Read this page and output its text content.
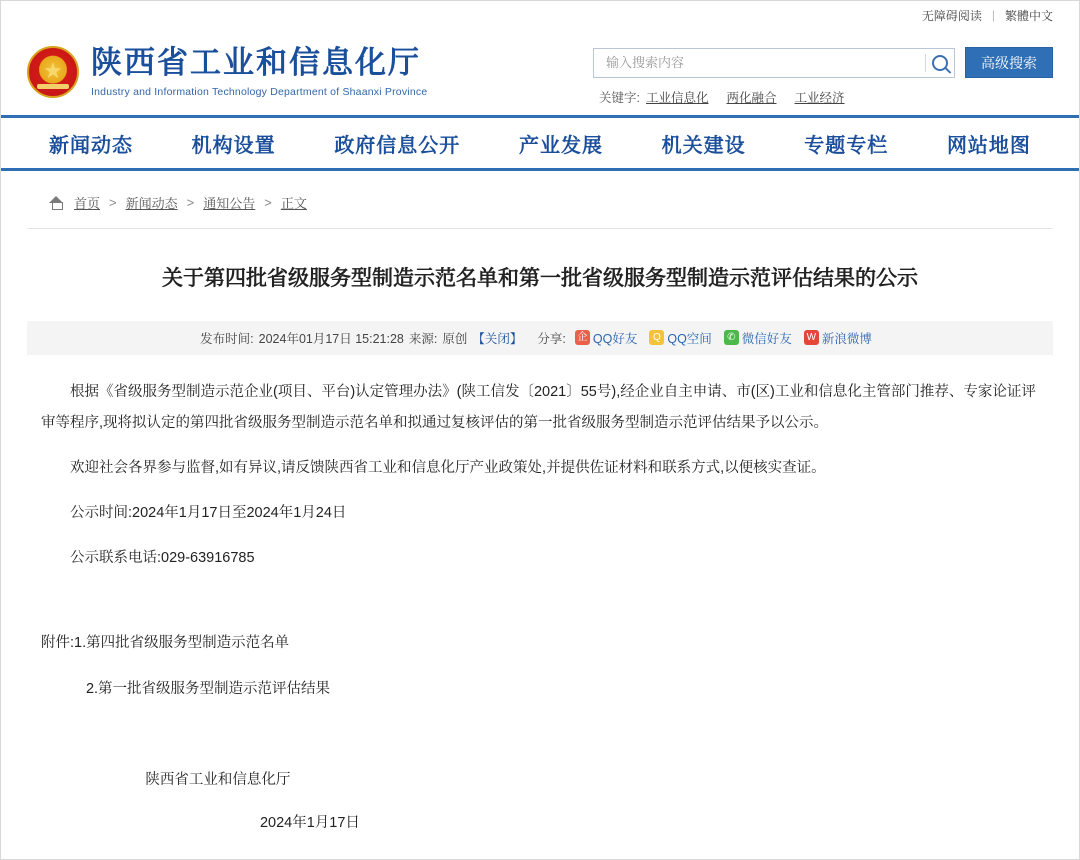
无障碍阅读 | 繁體中文
★
陕西省工业和信息化厅
Industry and Information Technology Department of Shaanxi Province
输入搜索内容
高级搜索
关键字: 工业信息化 两化融合 工业经济
新闻动态	机构设置	政府信息公开	产业发展	机关建设	专题专栏	网站地图
首页 > 新闻动态 > 通知公告 > 正文
关于第四批省级服务型制造示范名单和第一批省级服务型制造示范评估结果的公示
发布时间: 2024年01月17日 15:21:28 来源: 原创 【关闭】 分享: 企 QQ好友	Q QQ空间	✆ 微信好友 W 新浪微博

根据《省级服务型制造示范企业(项目、平台)认定管理办法》(陕工信发〔2021〕55号),经企业自主申请、市(区)工业和信息化主管部门推荐、专家论证评审等程序,现将拟认定的第四批省级服务型制造示范名单和拟通过复核评估的第一批省级服务型制造示范评估结果予以公示。

欢迎社会各界参与监督,如有异议,请反馈陕西省工业和信息化厅产业政策处,并提供佐证材料和联系方式,以便核实查证。

公示时间:2024年1月17日至2024年1月24日

公示联系电话:029-63916785

附件:1.第四批省级服务型制造示范名单

2.第一批省级服务型制造示范评估结果

陕西省工业和信息化厅
2024年1月17日
